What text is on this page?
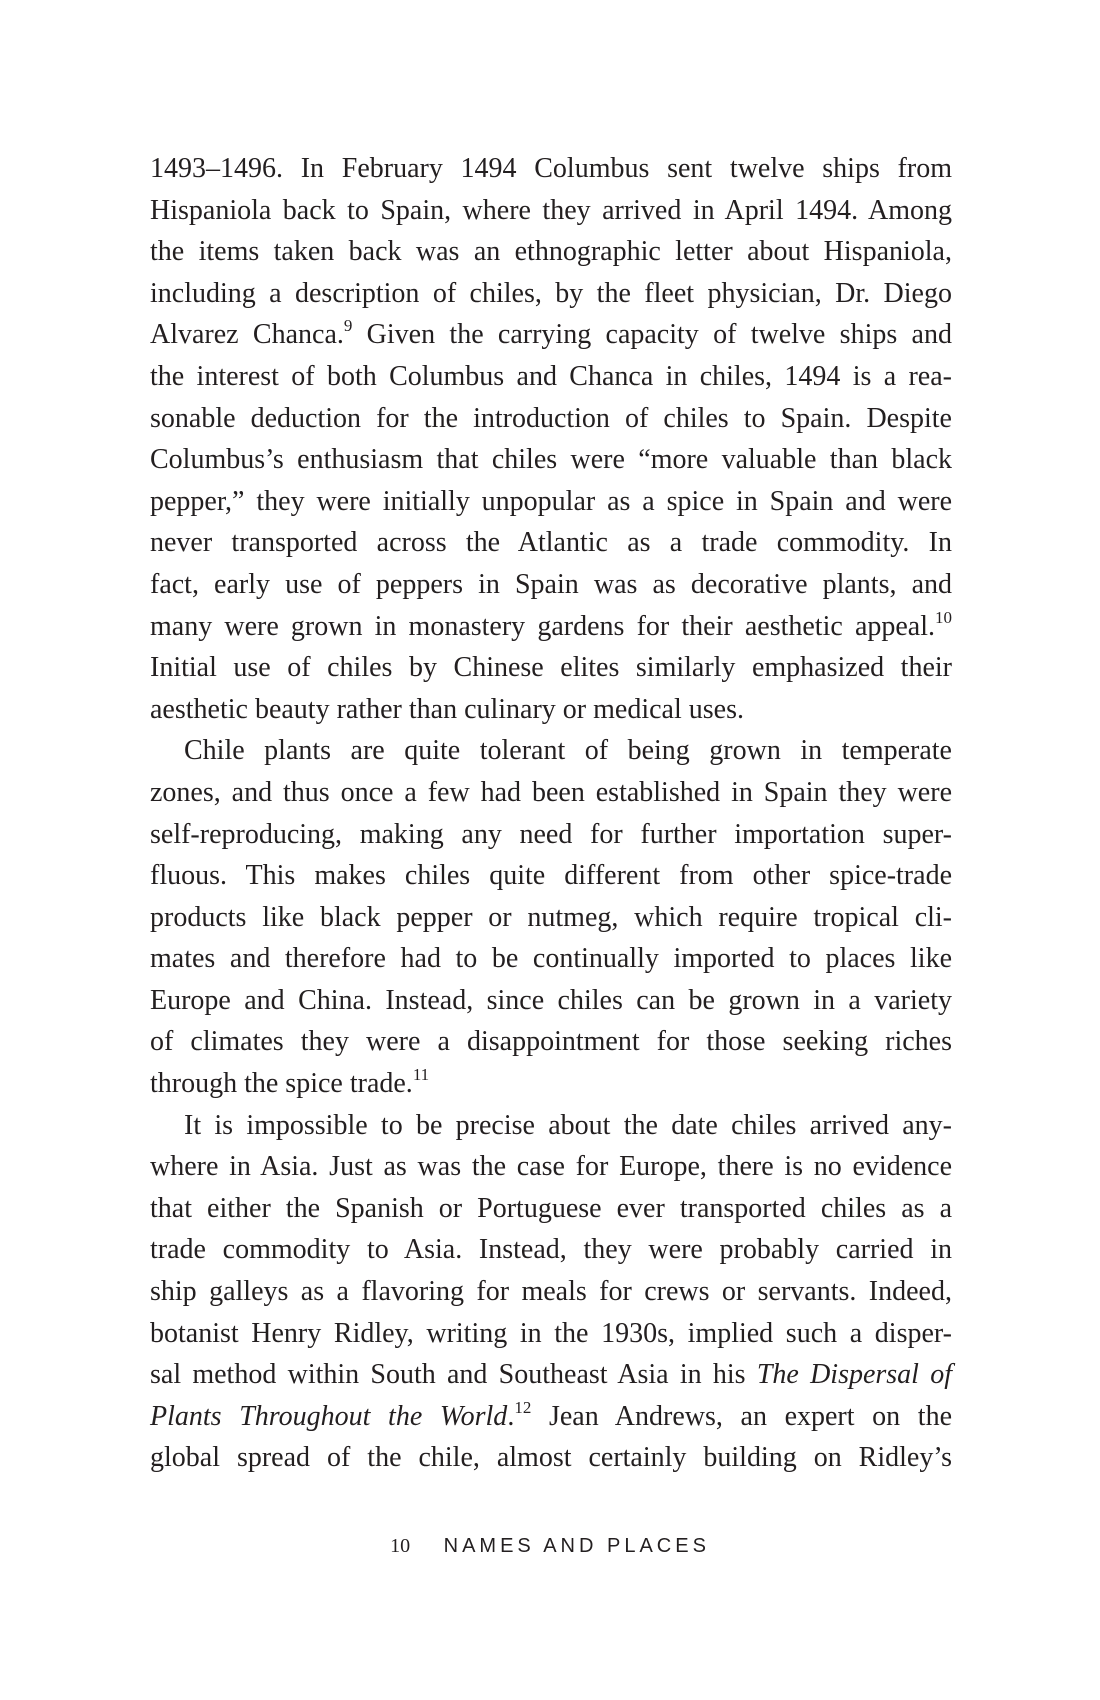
1493–1496. In February 1494 Columbus sent twelve ships from
Hispaniola back to Spain, where they arrived in April 1494. Among
the items taken back was an ethnographic letter about Hispaniola,
including a description of chiles, by the fleet physician, Dr. Diego
Alvarez Chanca.$^9$ Given the carrying capacity of twelve ships and
the interest of both Columbus and Chanca in chiles, 1494 is a rea-
sonable deduction for the introduction of chiles to Spain. Despite
Columbus’s enthusiasm that chiles were “more valuable than black
pepper,” they were initially unpopular as a spice in Spain and were
never transported across the Atlantic as a trade commodity. In
fact, early use of peppers in Spain was as decorative plants, and
many were grown in monastery gardens for their aesthetic appeal.$^{10}$
Initial use of chiles by Chinese elites similarly emphasized their
aesthetic beauty rather than culinary or medical uses.

Chile plants are quite tolerant of being grown in temperate
zones, and thus once a few had been established in Spain they were
self-reproducing, making any need for further importation super-
fluous. This makes chiles quite different from other spice-trade
products like black pepper or nutmeg, which require tropical cli-
mates and therefore had to be continually imported to places like
Europe and China. Instead, since chiles can be grown in a variety
of climates they were a disappointment for those seeking riches
through the spice trade.$^{11}$

It is impossible to be precise about the date chiles arrived any-
where in Asia. Just as was the case for Europe, there is no evidence
that either the Spanish or Portuguese ever transported chiles as a
trade commodity to Asia. Instead, they were probably carried in
ship galleys as a flavoring for meals for crews or servants. Indeed,
botanist Henry Ridley, writing in the 1930s, implied such a disper-
sal method within South and Southeast Asia in his The Dispersal of
Plants Throughout the World.$^{12}$ Jean Andrews, an expert on the
global spread of the chile, almost certainly building on Ridley’s

10 NAMES AND PLACES
